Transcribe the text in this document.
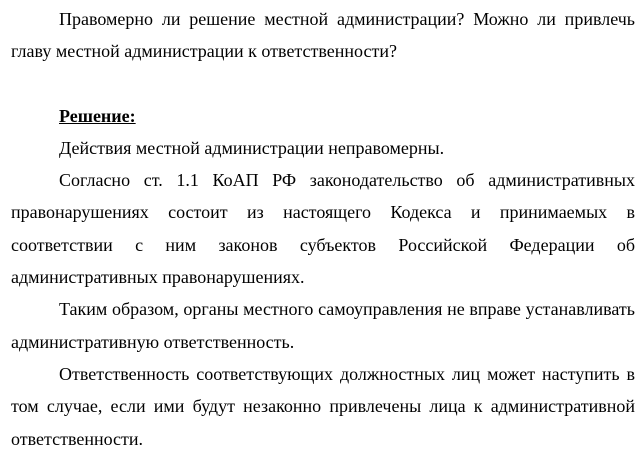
Правомерно ли решение местной администрации? Можно ли привлечь главу местной администрации к ответственности?

Решение:

Действия местной администрации неправомерны.

Согласно ст. 1.1 КоАП РФ законодательство об административных правонарушениях состоит из настоящего Кодекса и принимаемых в соответствии с ним законов субъектов Российской Федерации об административных правонарушениях.

Таким образом, органы местного самоуправления не вправе устанавливать административную ответственность.

Ответственность соответствующих должностных лиц может наступить в том случае, если ими будут незаконно привлечены лица к административной ответственности.
